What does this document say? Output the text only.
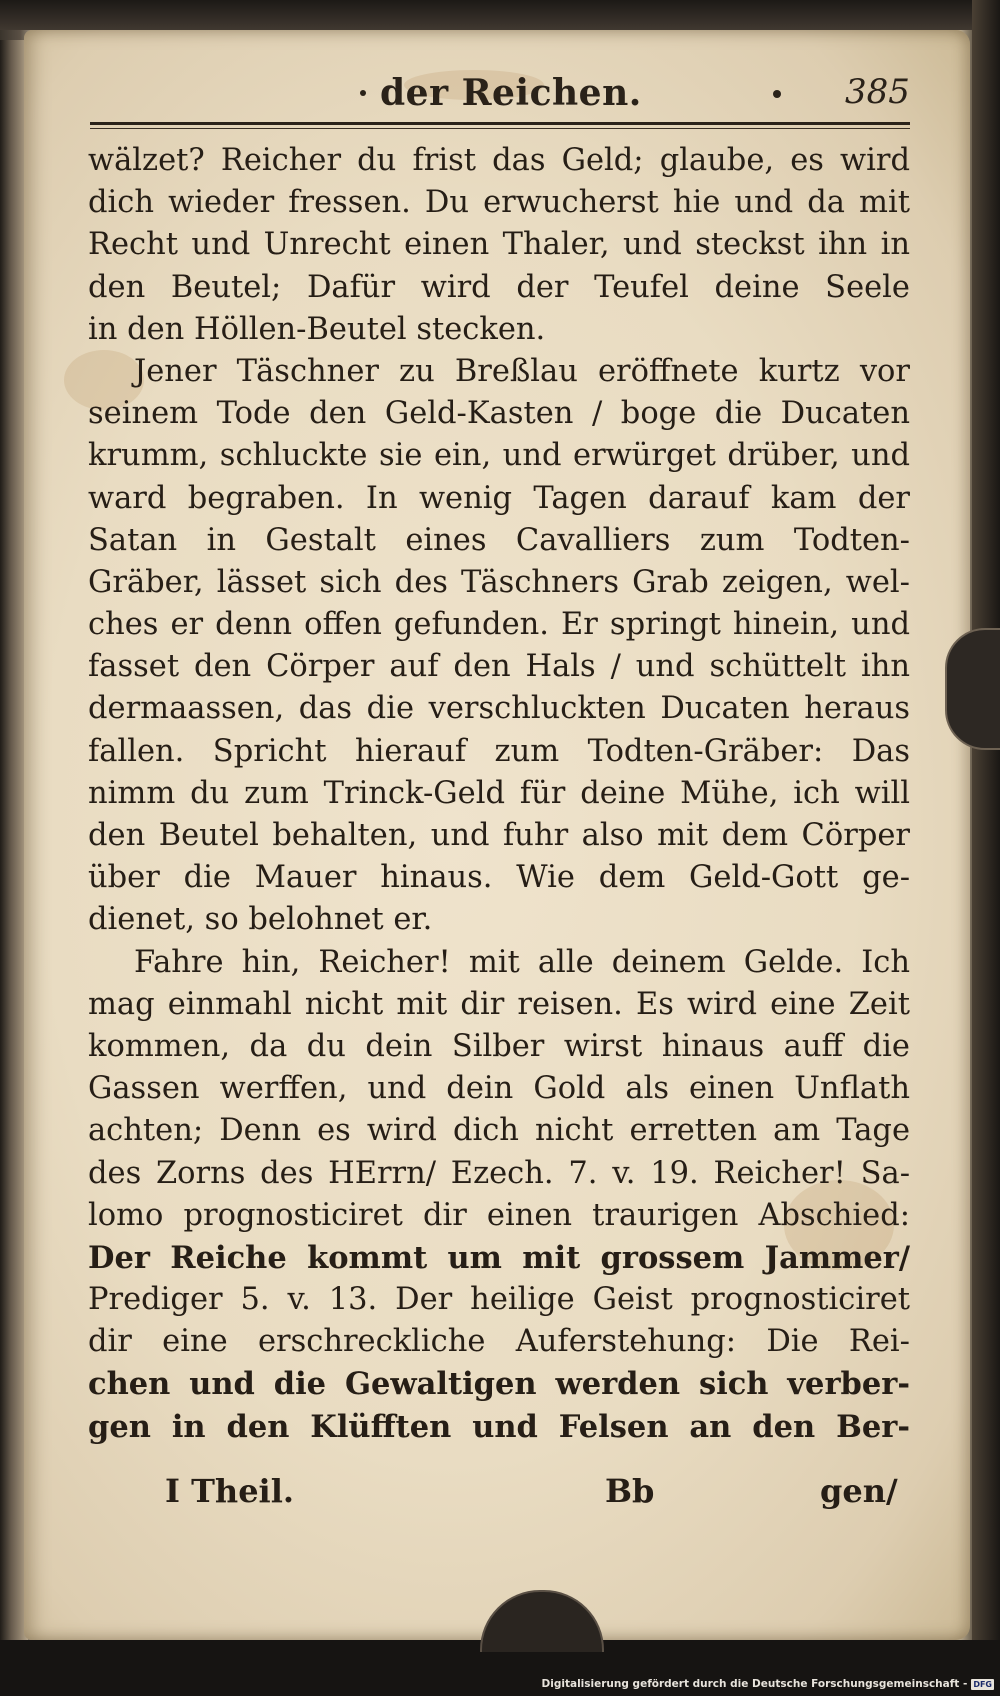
der Reichen.	385
wälzet? Reicher du frist das Geld; glaube, es wird
dich wieder fressen. Du erwucherst hie und da mit
Recht und Unrecht einen Thaler, und steckst ihn in
den Beutel; Dafür wird der Teufel deine Seele
in den Höllen-Beutel stecken.
Jener Täschner zu Breßlau eröffnete kurtz vor
seinem Tode den Geld-Kasten / boge die Ducaten
krumm, schluckte sie ein, und erwürget drüber, und
ward begraben. In wenig Tagen darauf kam der
Satan in Gestalt eines Cavalliers zum Todten-
Gräber, lässet sich des Täschners Grab zeigen, wel-
ches er denn offen gefunden. Er springt hinein, und
fasset den Cörper auf den Hals / und schüttelt ihn
dermaassen, das die verschluckten Ducaten heraus
fallen. Spricht hierauf zum Todten-Gräber: Das
nimm du zum Trinck-Geld für deine Mühe, ich will
den Beutel behalten, und fuhr also mit dem Cörper
über die Mauer hinaus. Wie dem Geld-Gott ge-
dienet, so belohnet er.
Fahre hin, Reicher! mit alle deinem Gelde. Ich
mag einmahl nicht mit dir reisen. Es wird eine Zeit
kommen, da du dein Silber wirst hinaus auff die
Gassen werffen, und dein Gold als einen Unflath
achten; Denn es wird dich nicht erretten am Tage
des Zorns des HErrn/ Ezech. 7. v. 19. Reicher! Sa-
lomo prognosticiret dir einen traurigen Abschied:
Der Reiche kommt um mit grossem Jammer/
Prediger 5. v. 13. Der heilige Geist prognosticiret
dir eine erschreckliche Auferstehung: Die Rei-
chen und die Gewaltigen werden sich verber-
gen in den Klüfften und Felsen an den Ber-
I Theil.	Bb	gen/
Digitalisierung gefördert durch die Deutsche Forschungsgemeinschaft - DFG
